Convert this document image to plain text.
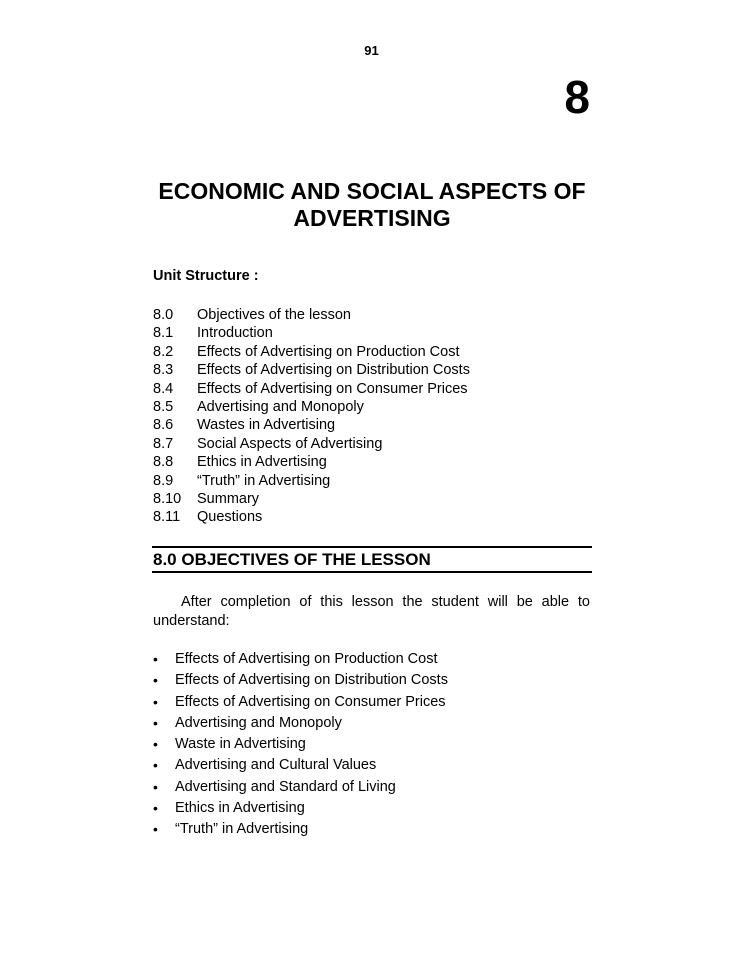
91
8
ECONOMIC AND SOCIAL ASPECTS OF ADVERTISING
Unit Structure :
8.0	Objectives of the lesson
8.1	Introduction
8.2	Effects of Advertising on Production Cost
8.3	Effects of Advertising on Distribution Costs
8.4	Effects of Advertising on Consumer Prices
8.5	Advertising and Monopoly
8.6	Wastes in Advertising
8.7	Social Aspects of Advertising
8.8	Ethics in Advertising
8.9	“Truth” in Advertising
8.10	Summary
8.11	Questions
8.0 OBJECTIVES OF THE LESSON

After completion of this lesson the student will be able to understand:

•	Effects of Advertising on Production Cost
•	Effects of Advertising on Distribution Costs
•	Effects of Advertising on Consumer Prices
•	Advertising and Monopoly
•	Waste in Advertising
•	Advertising and Cultural Values
•	Advertising and Standard of Living
•	Ethics in Advertising
•	“Truth” in Advertising
